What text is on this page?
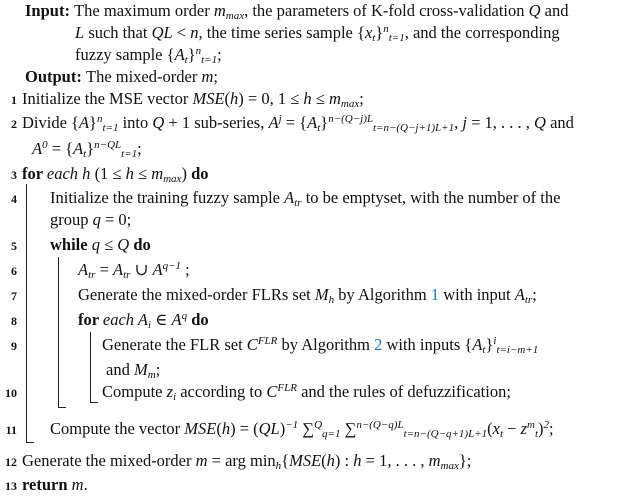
Input: The maximum order $m_{max}$, the parameters of K-fold cross-validation Q and
L such that QL < n, the time series sample $\{x_t\}^n_{t=1}$, and the corresponding
fuzzy sample $\{A_t\}^n_{t=1}$;
Output: The mixed-order m;
1 Initialize the MSE vector MSE(h) = 0, $1 \le h \le m_{max}$;
2 Divide $\{A\}^n_{t=1}$ into Q + 1 sub-series, $A^j = \{A_t\}^{n-(Q-j)L}_{t=n-(Q-j+1)L+1}$, j = 1, . . . , Q and
$A^0 = \{A_t\}^{n-QL}_{t=1}$;
3 for each h $(1 \le h \le m_{max})$ do
4 Initialize the training fuzzy sample $A_{tr}$ to be emptyset, with the number of the
group q = 0;
5 while q ≤ Q do
6	$A_{tr} = A_{tr}$ ∪ $A^{q-1}$ ;
7	Generate the mixed-order FLRs set $M_h$ by Algorithm 1 with input $A_{tr}$;
8	for each $A_i$ ∈ $A^q$ do
9	Generate the FLR set $C^{FLR}$ by Algorithm 2 with inputs $\{A_t\}^i_{t=i-m+1}$
and $M_m$;
10	Compute $z_i$ according to $C^{FLR}$ and the rules of defuzzification;
11 Compute the vector MSE(h) = (QL)$^{-1}$ ∑$^Q_{q=1}$ $\sum^{n-(Q-q)L}_{t=n-(Q-q+1)L+1}(x_t - z^m_t)^2$;
12 Generate the mixed-order m = arg $\min_h\{MSE(h)$ : h = 1, . . . , $m_{max}$};
13 return m.
